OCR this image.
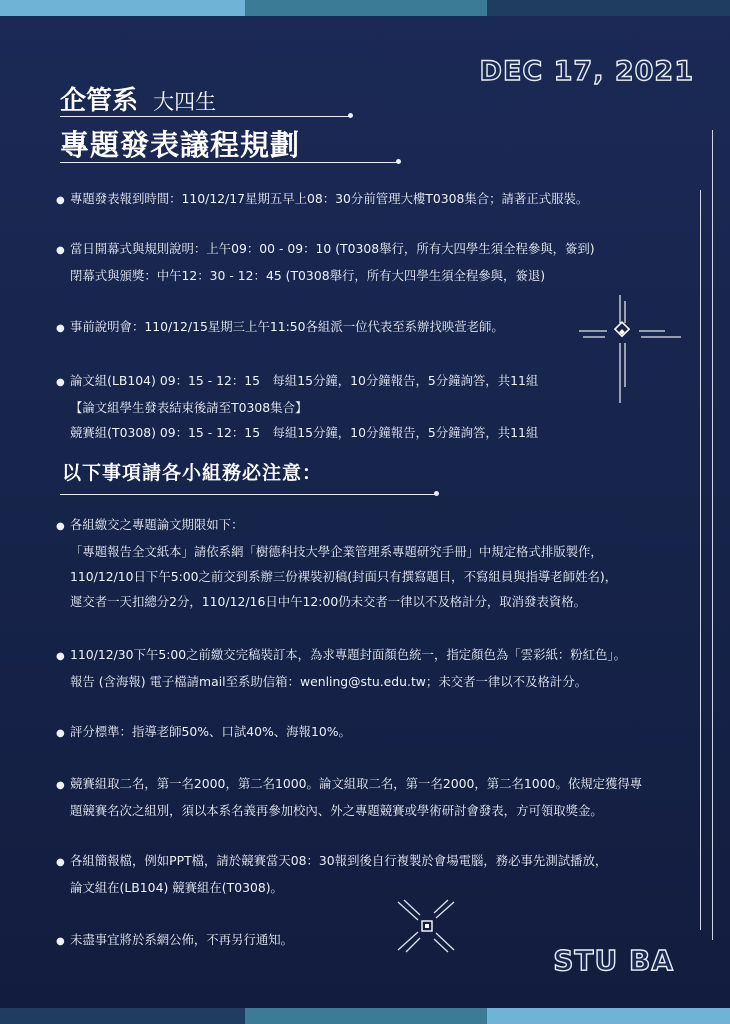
DEC 17, 2021
企管系 大四生
專題發表議程規劃
● 專題發表報到時間：110/12/17星期五早上08：30分前管理大樓T0308集合；請著正式服裝。
● 當日開幕式與規則說明：上午09：00 - 09：10 (T0308舉行，所有大四學生須全程參與，簽到)
閉幕式與頒獎：中午12：30 - 12：45 (T0308舉行，所有大四學生須全程參與，簽退)
● 事前說明會：110/12/15星期三上午11:50各組派一位代表至系辦找映萱老師。
● 論文組(LB104) 09：15 - 12：15　每組15分鐘，10分鐘報告，5分鐘詢答，共11組
【論文組學生發表結束後請至T0308集合】
競賽組(T0308) 09：15 - 12：15　每組15分鐘，10分鐘報告，5分鐘詢答，共11組
以下事項請各小組務必注意：
● 各組繳交之專題論文期限如下：
「專題報告全文紙本」請依系網「樹德科技大學企業管理系專題研究手冊」中規定格式排版製作，
110/12/10日下午5:00之前交到系辦三份裸裝初稿(封面只有撰寫題目，不寫組員與指導老師姓名)，
遲交者一天扣總分2分，110/12/16日中午12:00仍未交者一律以不及格計分，取消發表資格。
● 110/12/30下午5:00之前繳交完稿裝訂本，為求專題封面顏色統一，指定顏色為「雲彩紙：粉紅色」。
報告 (含海報) 電子檔請mail至系助信箱：wenling@stu.edu.tw；未交者一律以不及格計分。
● 評分標準：指導老師50%、口試40%、海報10%。
● 競賽組取二名，第一名2000，第二名1000。論文組取二名，第一名2000，第二名1000。依規定獲得專
題競賽名次之組別，須以本系名義再參加校內、外之專題競賽或學術研討會發表，方可領取獎金。
● 各組簡報檔，例如PPT檔，請於競賽當天08：30報到後自行複製於會場電腦，務必事先測試播放，
論文組在(LB104) 競賽組在(T0308)。
● 未盡事宜將於系網公佈，不再另行通知。
STU BA
